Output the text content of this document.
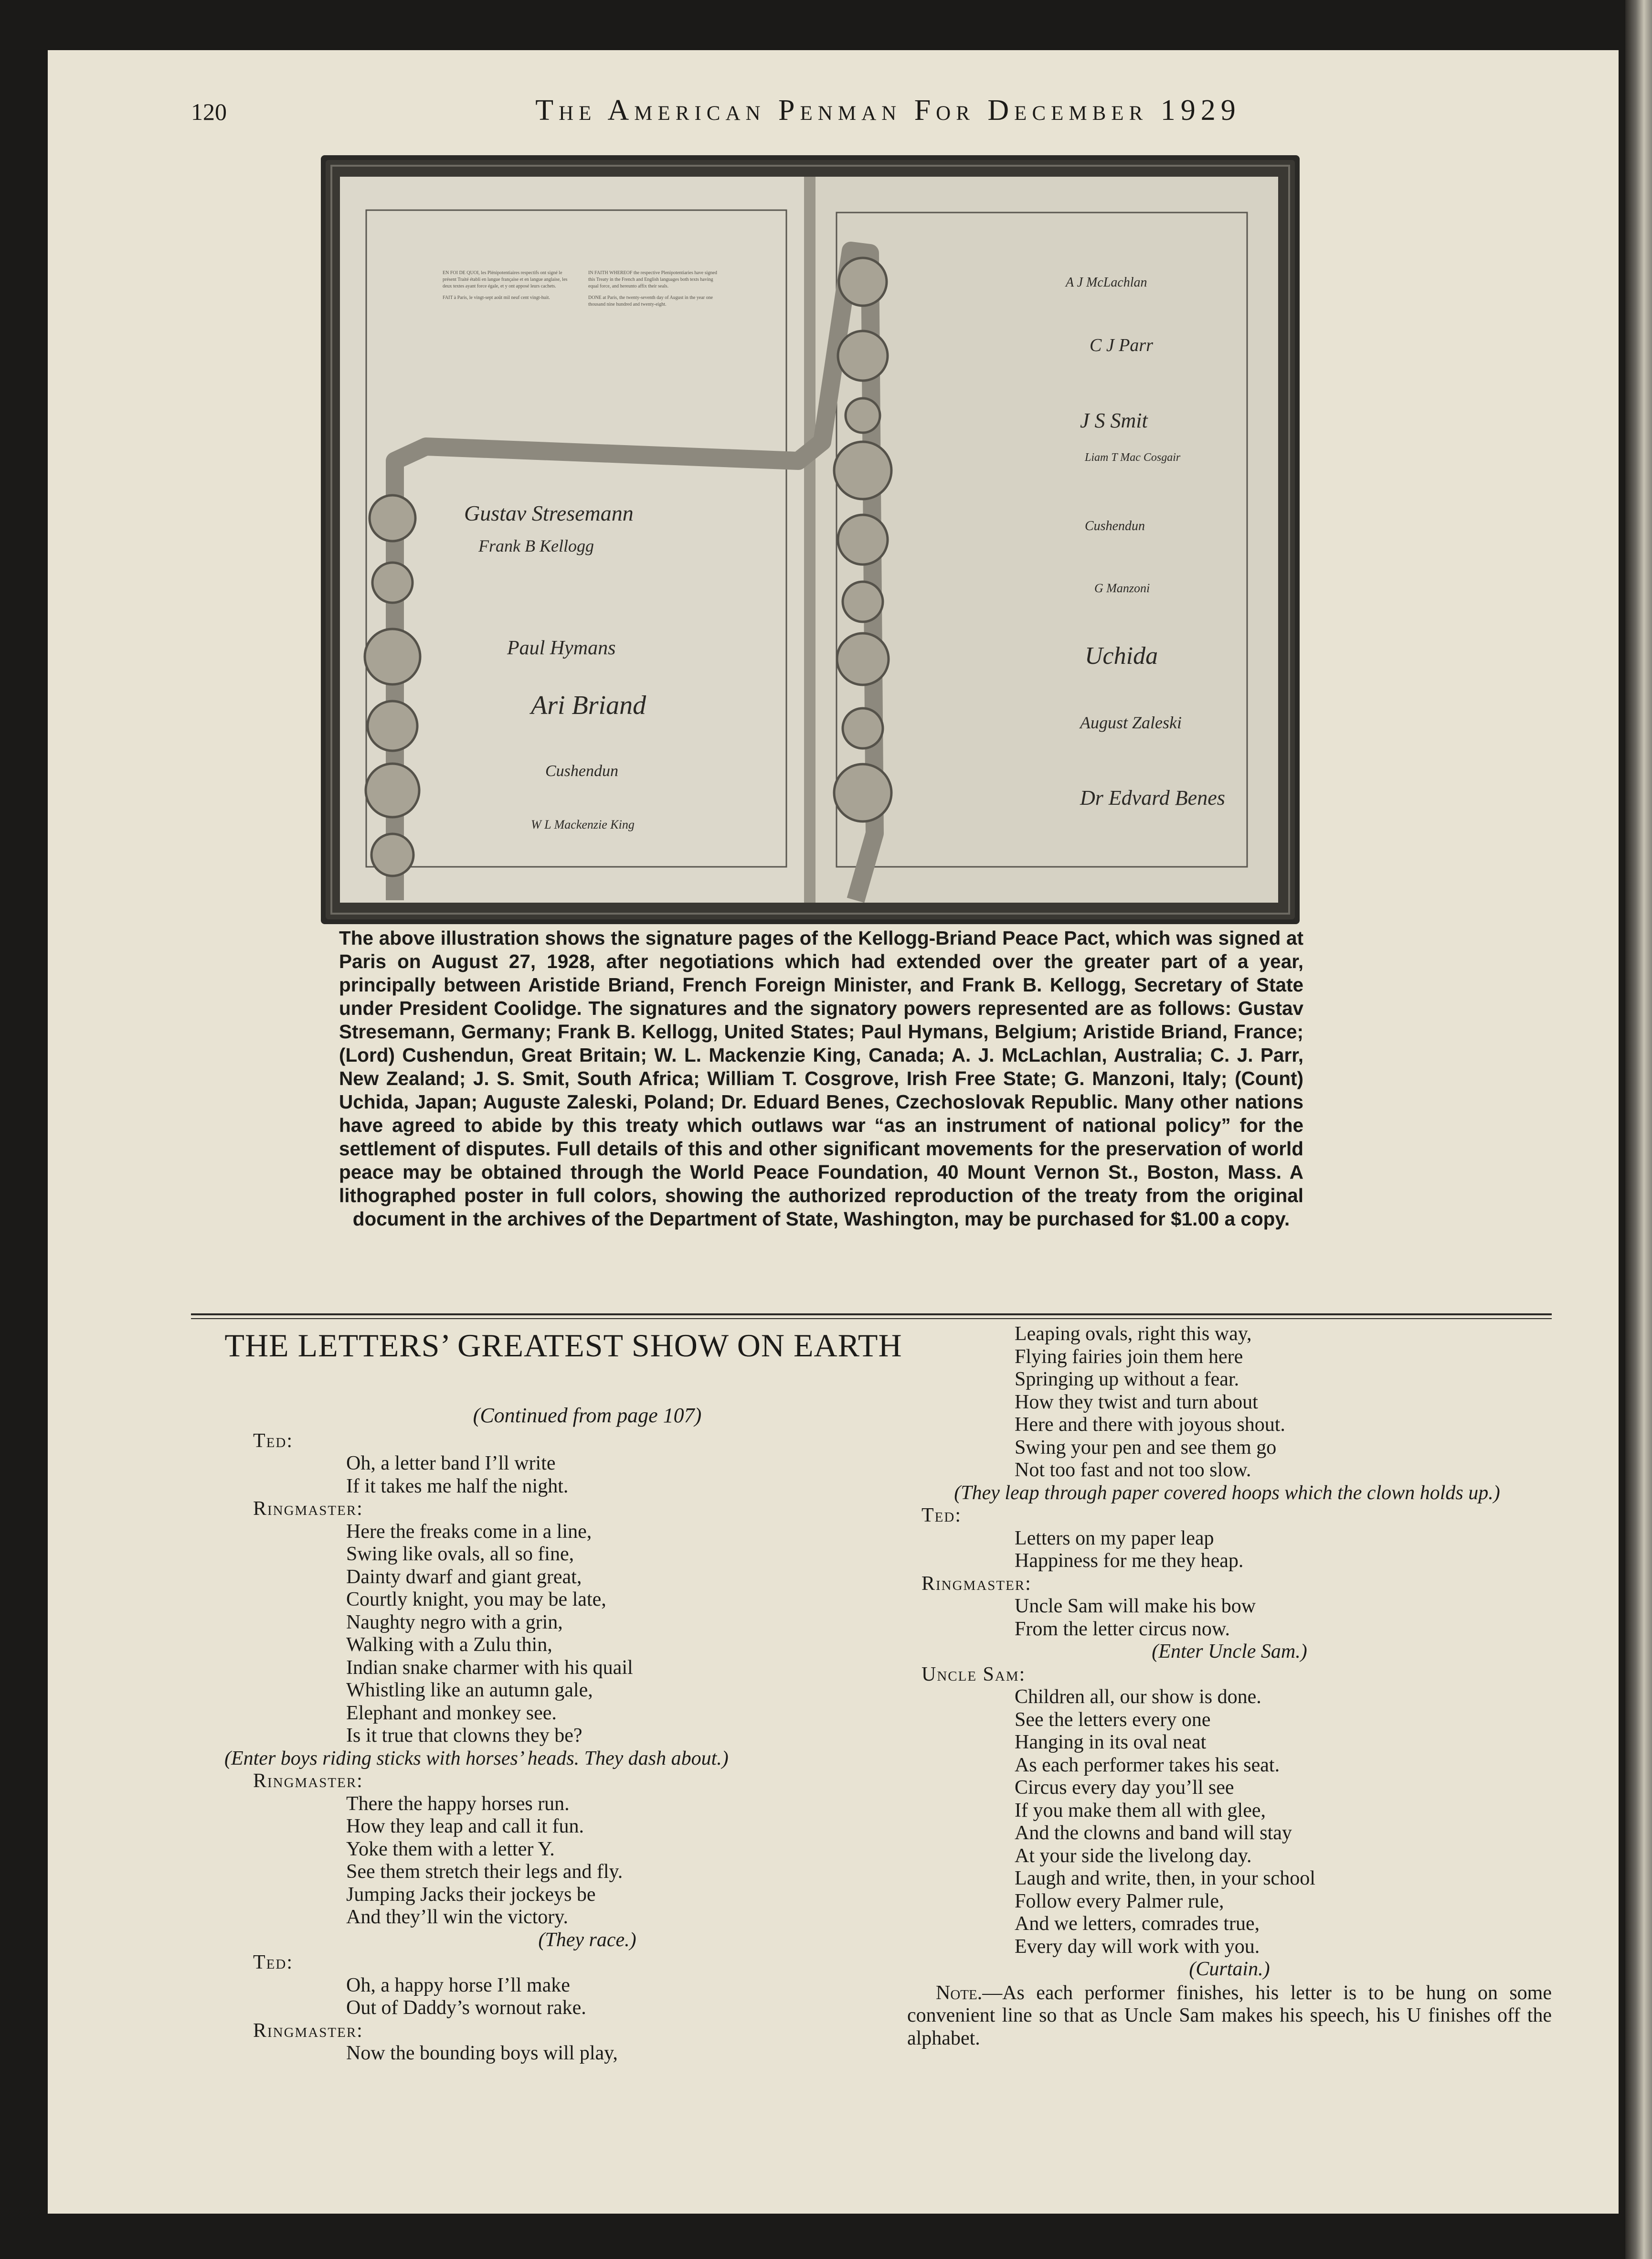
120	The American Penman For December 1929
EN FOI DE QUOI, les Plénipotentiaires respectifs ont signé le présent Traité établi en langue française et en langue anglaise, les deux textes ayant force égale, et y ont apposé leurs cachets.
FAIT à Paris, le vingt-sept août mil neuf cent vingt-huit.
IN FAITH WHEREOF the respective Plenipotentiaries have signed this Treaty in the French and English languages both texts having equal force, and hereunto affix their seals.
DONE at Paris, the twenty-seventh day of August in the year one thousand nine hundred and twenty-eight.
Gustav Stresemann
Frank B Kellogg
Paul Hymans
Ari Briand
Cushendun
W L Mackenzie King
A J McLachlan
C J Parr
J S Smit
Liam T Mac Cosgair
Cushendun
G Manzoni
Uchida
August Zaleski
Dr Edvard Benes
The above illustration shows the signature pages of the Kellogg-Briand Peace Pact, which was signed at Paris on August 27, 1928, after negotiations which had extended over the greater part of a year, principally between Aristide Briand, French Foreign Minister, and Frank B. Kellogg, Secretary of State under President Coolidge. The signatures and the signatory powers represented are as follows: Gustav Stresemann, Germany; Frank B. Kellogg, United States; Paul Hymans, Belgium; Aristide Briand, France; (Lord) Cushendun, Great Britain; W. L. Mackenzie King, Canada; A. J. McLachlan, Australia; C. J. Parr, New Zealand; J. S. Smit, South Africa; William T. Cosgrove, Irish Free State; G. Manzoni, Italy; (Count) Uchida, Japan; Auguste Zaleski, Poland; Dr. Eduard Benes, Czechoslovak Republic. Many other nations have agreed to abide by this treaty which outlaws war “as an instrument of national policy” for the settlement of disputes. Full details of this and other significant movements for the preservation of world peace may be obtained through the World Peace Foundation, 40 Mount Vernon St., Boston, Mass. A lithographed poster in full colors, showing the authorized reproduction of the treaty from the original document in the archives of the Department of State, Washington, may be purchased for $1.00 a copy.
THE LETTERS’ GREATEST SHOW ON EARTH
(Continued from page 107)
Ted:
Oh, a letter band I’ll write
If it takes me half the night.
Ringmaster:
Here the freaks come in a line,
Swing like ovals, all so fine,
Dainty dwarf and giant great,
Courtly knight, you may be late,
Naughty negro with a grin,
Walking with a Zulu thin,
Indian snake charmer with his quail
Whistling like an autumn gale,
Elephant and monkey see.
Is it true that clowns they be?
(Enter boys riding sticks with horses’ heads. They dash about.)
Ringmaster:
There the happy horses run.
How they leap and call it fun.
Yoke them with a letter Y.
See them stretch their legs and fly.
Jumping Jacks their jockeys be
And they’ll win the victory.
(They race.)
Ted:
Oh, a happy horse I’ll make
Out of Daddy’s wornout rake.
Ringmaster:
Now the bounding boys will play,
Leaping ovals, right this way,
Flying fairies join them here
Springing up without a fear.
How they twist and turn about
Here and there with joyous shout.
Swing your pen and see them go
Not too fast and not too slow.
(They leap through paper covered hoops which the clown holds up.)
Ted:
Letters on my paper leap
Happiness for me they heap.
Ringmaster:
Uncle Sam will make his bow
From the letter circus now.
(Enter Uncle Sam.)
Uncle Sam:
Children all, our show is done.
See the letters every one
Hanging in its oval neat
As each performer takes his seat.
Circus every day you’ll see
If you make them all with glee,
And the clowns and band will stay
At your side the livelong day.
Laugh and write, then, in your school
Follow every Palmer rule,
And we letters, comrades true,
Every day will work with you.
(Curtain.)
Note.—As each performer finishes, his letter is to be hung on some convenient line so that as Uncle Sam makes his speech, his U finishes off the alphabet.
